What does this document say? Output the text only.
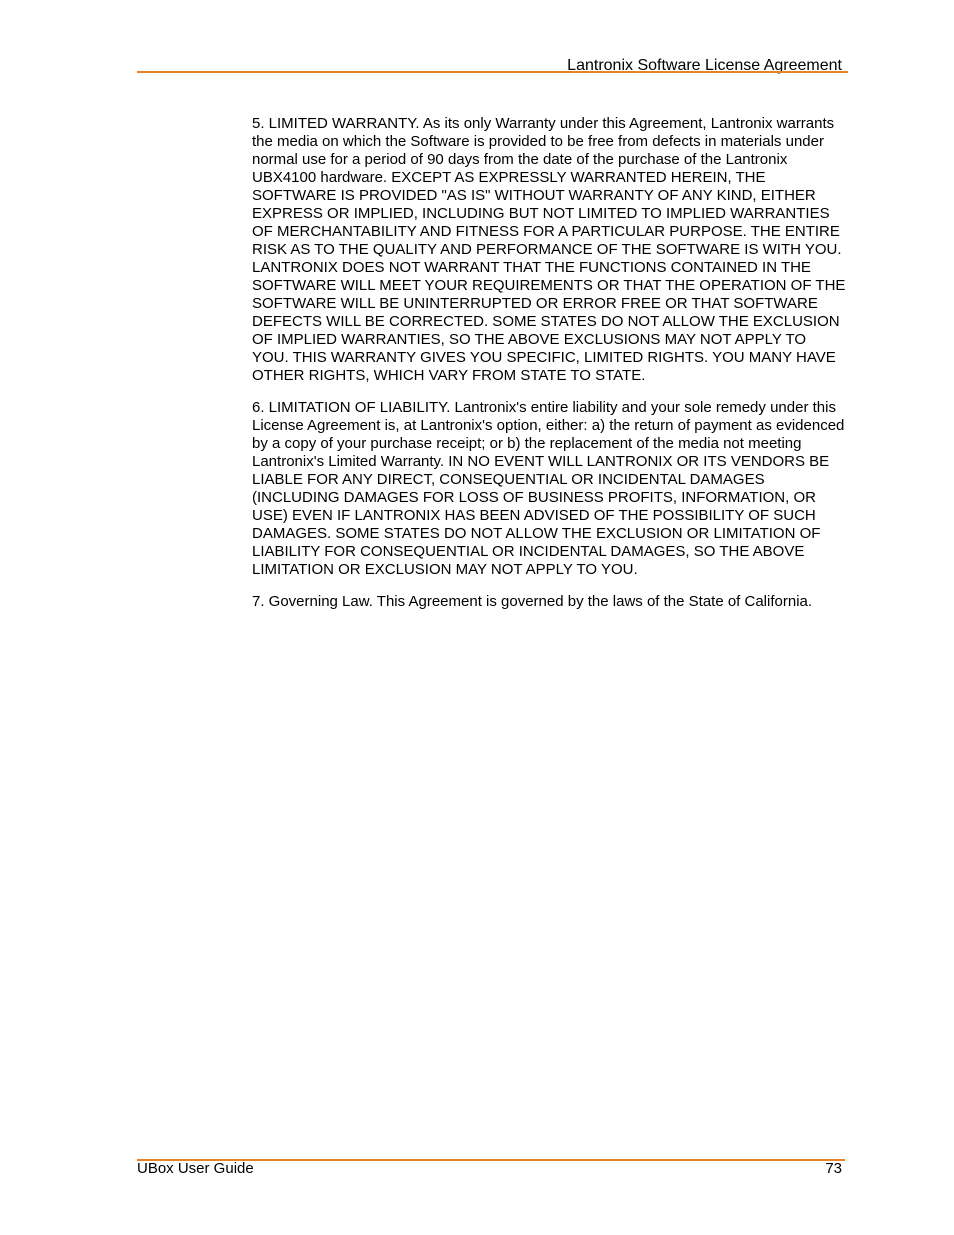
Lantronix Software License Agreement

5. LIMITED WARRANTY. As its only Warranty under this Agreement, Lantronix warrants the media on which the Software is provided to be free from defects in materials under normal use for a period of 90 days from the date of the purchase of the Lantronix UBX4100 hardware. EXCEPT AS EXPRESSLY WARRANTED HEREIN, THE SOFTWARE IS PROVIDED "AS IS" WITHOUT WARRANTY OF ANY KIND, EITHER EXPRESS OR IMPLIED, INCLUDING BUT NOT LIMITED TO IMPLIED WARRANTIES OF MERCHANTABILITY AND FITNESS FOR A PARTICULAR PURPOSE. THE ENTIRE RISK AS TO THE QUALITY AND PERFORMANCE OF THE SOFTWARE IS WITH YOU. LANTRONIX DOES NOT WARRANT THAT THE FUNCTIONS CONTAINED IN THE SOFTWARE WILL MEET YOUR REQUIREMENTS OR THAT THE OPERATION OF THE SOFTWARE WILL BE UNINTERRUPTED OR ERROR FREE OR THAT SOFTWARE DEFECTS WILL BE CORRECTED. SOME STATES DO NOT ALLOW THE EXCLUSION OF IMPLIED WARRANTIES, SO THE ABOVE EXCLUSIONS MAY NOT APPLY TO YOU. THIS WARRANTY GIVES YOU SPECIFIC, LIMITED RIGHTS. YOU MANY HAVE OTHER RIGHTS, WHICH VARY FROM STATE TO STATE.

6. LIMITATION OF LIABILITY. Lantronix's entire liability and your sole remedy under this License Agreement is, at Lantronix's option, either: a) the return of payment as evidenced by a copy of your purchase receipt; or b) the replacement of the media not meeting Lantronix's Limited Warranty. IN NO EVENT WILL LANTRONIX OR ITS VENDORS BE LIABLE FOR ANY DIRECT, CONSEQUENTIAL OR INCIDENTAL DAMAGES (INCLUDING DAMAGES FOR LOSS OF BUSINESS PROFITS, INFORMATION, OR USE) EVEN IF LANTRONIX HAS BEEN ADVISED OF THE POSSIBILITY OF SUCH DAMAGES. SOME STATES DO NOT ALLOW THE EXCLUSION OR LIMITATION OF LIABILITY FOR CONSEQUENTIAL OR INCIDENTAL DAMAGES, SO THE ABOVE LIMITATION OR EXCLUSION MAY NOT APPLY TO YOU.

7. Governing Law. This Agreement is governed by the laws of the State of California.

UBox User Guide	73
